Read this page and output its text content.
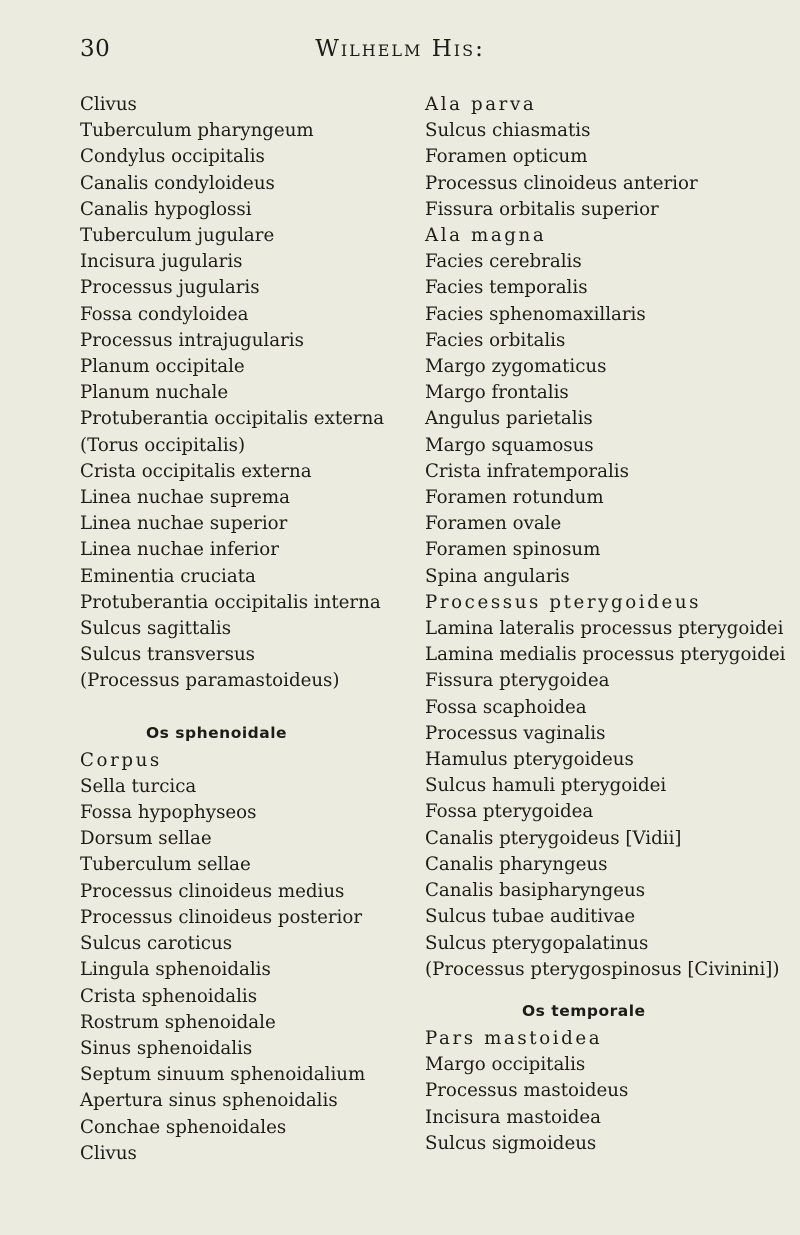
30	Wilhelm His:
Clivus
Tuberculum pharyngeum
Condylus occipitalis
Canalis condyloideus
Canalis hypoglossi
Tuberculum jugulare
Incisura jugularis
Processus jugularis
Fossa condyloidea
Processus intrajugularis
Planum occipitale
Planum nuchale
Protuberantia occipitalis externa
(Torus occipitalis)
Crista occipitalis externa
Linea nuchae suprema
Linea nuchae superior
Linea nuchae inferior
Eminentia cruciata
Protuberantia occipitalis interna
Sulcus sagittalis
Sulcus transversus
(Processus paramastoideus)
Os sphenoidale
Corpus
Sella turcica
Fossa hypophyseos
Dorsum sellae
Tuberculum sellae
Processus clinoideus medius
Processus clinoideus posterior
Sulcus caroticus
Lingula sphenoidalis
Crista sphenoidalis
Rostrum sphenoidale
Sinus sphenoidalis
Septum sinuum sphenoidalium
Apertura sinus sphenoidalis
Conchae sphenoidales
Clivus
Ala parva
Sulcus chiasmatis
Foramen opticum
Processus clinoideus anterior
Fissura orbitalis superior
Ala magna
Facies cerebralis
Facies temporalis
Facies sphenomaxillaris
Facies orbitalis
Margo zygomaticus
Margo frontalis
Angulus parietalis
Margo squamosus
Crista infratemporalis
Foramen rotundum
Foramen ovale
Foramen spinosum
Spina angularis
Processus pterygoideus
Lamina lateralis processus pterygoidei
Lamina medialis processus pterygoidei
Fissura pterygoidea
Fossa scaphoidea
Processus vaginalis
Hamulus pterygoideus
Sulcus hamuli pterygoidei
Fossa pterygoidea
Canalis pterygoideus [Vidii]
Canalis pharyngeus
Canalis basipharyngeus
Sulcus tubae auditivae
Sulcus pterygopalatinus
(Processus pterygospinosus [Civinini])
Os temporale
Pars mastoidea
Margo occipitalis
Processus mastoideus
Incisura mastoidea
Sulcus sigmoideus
